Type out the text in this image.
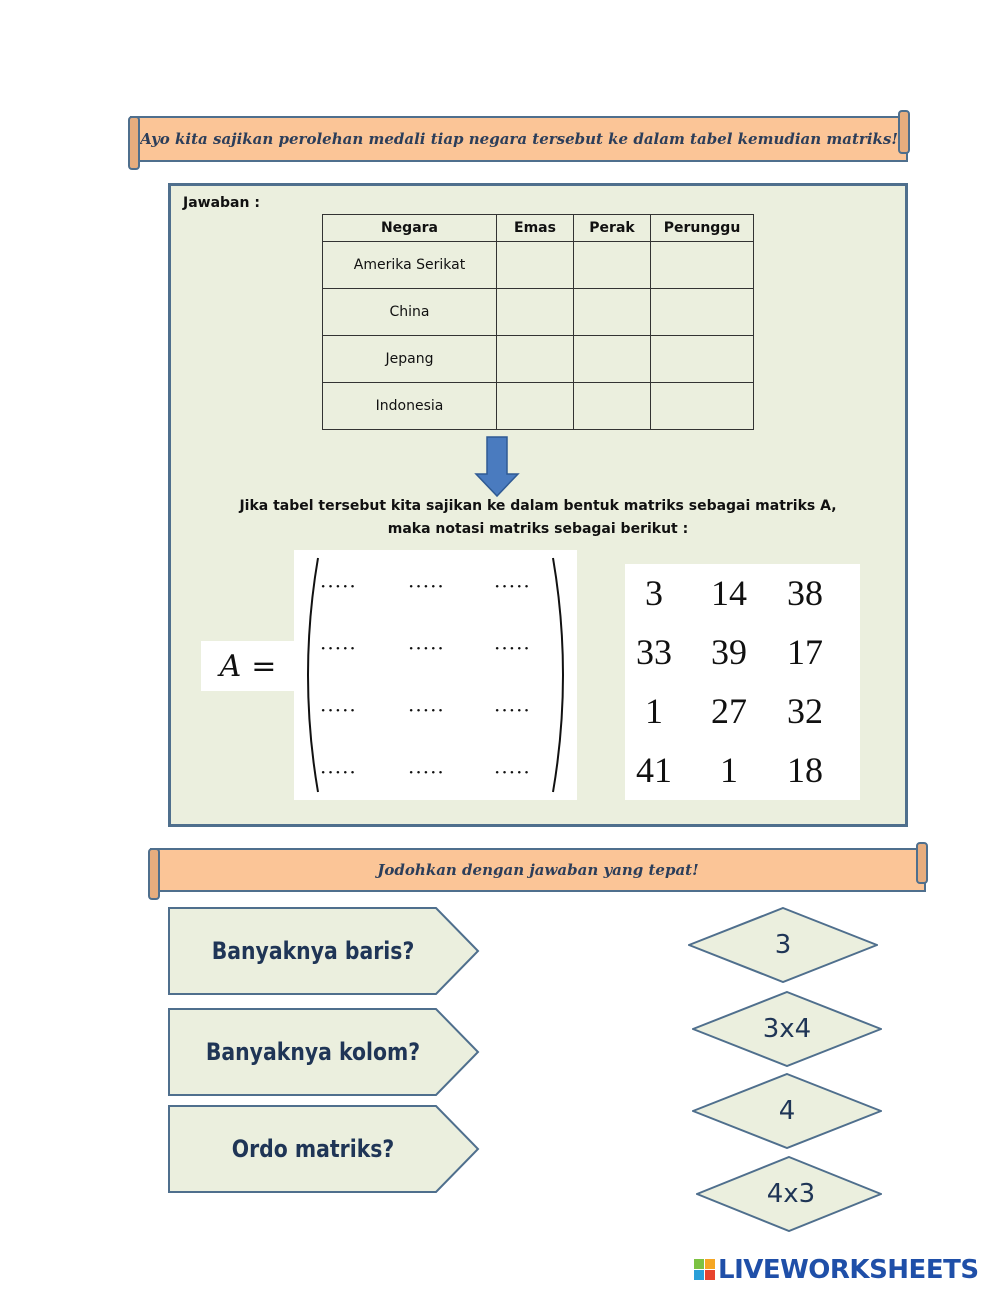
Ayo kita sajikan perolehan medali tiap negara tersebut ke dalam tabel kemudian matriks!
Jawaban :
Negara	Emas	Perak	Perunggu
Amerika Serikat			
China			
Jepang			
Indonesia			
Jika tabel tersebut kita sajikan ke dalam bentuk matriks sebagai matriks A,
maka notasi matriks sebagai berikut :
A =
·····	····· ·····
·····	····· ·····
·····	····· ·····
·····	····· ·····
3	14	38
33	39	17
1	27	32
41	1	18
Jodohkan dengan jawaban yang tepat!
Banyaknya baris?
Banyaknya kolom?
Ordo matriks?
3
3x4
4
4x3
LIVEWORKSHEETS
